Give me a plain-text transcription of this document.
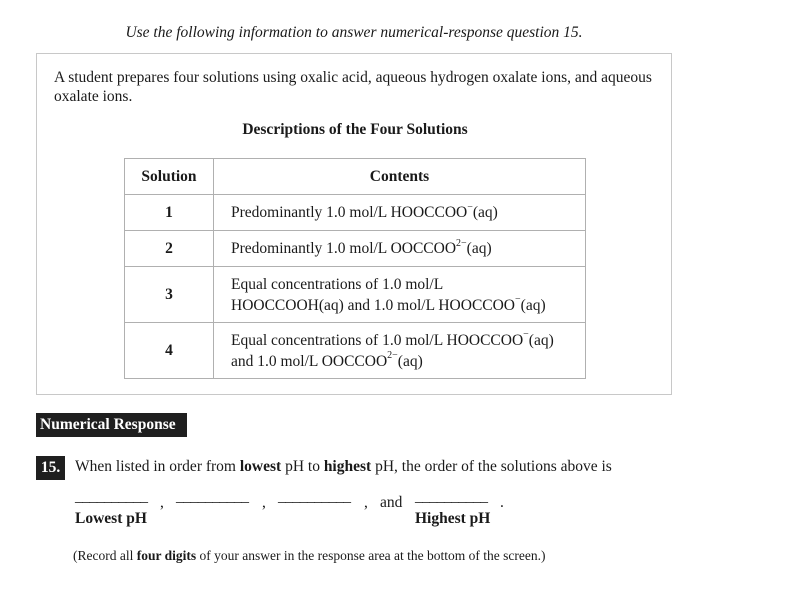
Use the following information to answer numerical-response question 15.
A student prepares four solutions using oxalic acid, aqueous hydrogen oxalate ions, and aqueous oxalate ions.
Descriptions of the Four Solutions
Solution	Contents
1	Predominantly 1.0 mol/L HOOCCOO−(aq)
2	Predominantly 1.0 mol/L $OOCCOO^{2-}(aq)$
3	Equal concentrations of 1.0 mol/L
HOOCCOOH(aq) and 1.0 mol/L HOOCCOO−(aq)
4	Equal concentrations of 1.0 mol/L HOOCCOO−(aq)
and 1.0 mol/L $OOCCOO^{2-}(aq)$
Numerical Response
15. When listed in order from lowest pH to highest pH, the order of the solutions above is
__________ , __________ , __________ , and __________ .
Lowest pH	Highest pH
(Record all four digits of your answer in the response area at the bottom of the screen.)
